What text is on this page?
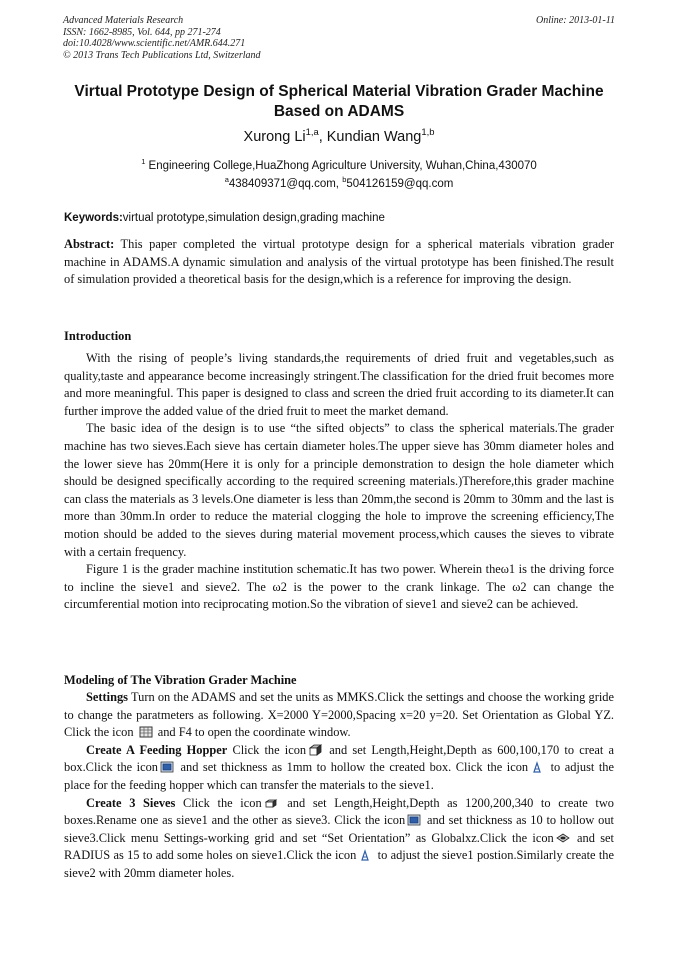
Advanced Materials Research
ISSN: 1662-8985, Vol. 644, pp 271-274
doi:10.4028/www.scientific.net/AMR.644.271
© 2013 Trans Tech Publications Ltd, Switzerland
Online: 2013-01-11
Virtual Prototype Design of Spherical Material Vibration Grader Machine
Based on ADAMS
Xurong Li$^{1,a}$, Kundian Wang$^{1,b}$
$^1$ Engineering College,HuaZhong Agriculture University, Wuhan,China,430070
$^a$438409371@qq.com, $^b$504126159@qq.com
Keywords:virtual prototype,simulation design,grading machine
Abstract: This paper completed the virtual prototype design for a spherical materials vibration grader machine in ADAMS.A dynamic simulation and analysis of the virtual prototype has been finished.The result of simulation provided a theoretical basis for the design,which is a reference for improving the design.
Introduction

With the rising of people’s living standards,the requirements of dried fruit and vegetables,such as quality,taste and appearance become increasingly stringent.The classification for the dried fruit becomes more and more meaningful. This paper is designed to class and screen the dried fruit according to its diameter.It can further improve the added value of the dried fruit to meet the market demand.

The basic idea of the design is to use “the sifted objects” to class the spherical materials.The grader machine has two sieves.Each sieve has certain diameter holes.The upper sieve has 30mm diameter holes and the lower sieve has 20mm(Here it is only for a principle demonstration to design the hole diameter which should be designed specifically according to the required screening materials.)Therefore,this grader machine can class the materials as 3 levels.One diameter is less than 20mm,the second is 20mm to 30mm and the last is more than 30mm.In order to reduce the material clogging the hole to improve the screening efficiency,The motion should be added to the sieves during material movement process,which causes the sieves to vibrate with a certain frequency.

Figure 1 is the grader machine institution schematic.It has two power. Wherein theω1 is the driving force to incline the sieve1 and sieve2. The ω2 is the power to the crank linkage. The ω2 can change the circumferential motion into reciprocating motion.So the vibration of sieve1 and sieve2 can be achieved.

Modeling of The Vibration Grader Machine

Settings Turn on the ADAMS and set the units as MMKS.Click the settings and choose the working gride to change the paratmeters as following. X=2000 Y=2000,Spacing x=20 y=20. Set Orientation as Global YZ. Click the icon  and F4 to open the coordinate window.

Create A Feeding Hopper Click the icon and set Length,Height,Depth as 600,100,170 to creat a box.Click the icon and set thickness as 1mm to hollow the created box. Click the icon to adjust the place for the feeding hopper which can transfer the materials to the sieve1.

Create 3 Sieves Click the icon and set Length,Height,Depth as 1200,200,340 to create two boxes.Rename one as sieve1 and the other as sieve3. Click the icon and set thickness as 10 to hollow out sieve3.Click menu Settings-working grid and set “Set Orientation” as Globalxz.Click the icon and set RADIUS as 15 to add some holes on sieve1.Click the icon to adjust the sieve1 postion.Similarly create the sieve2 with 20mm diameter holes.
